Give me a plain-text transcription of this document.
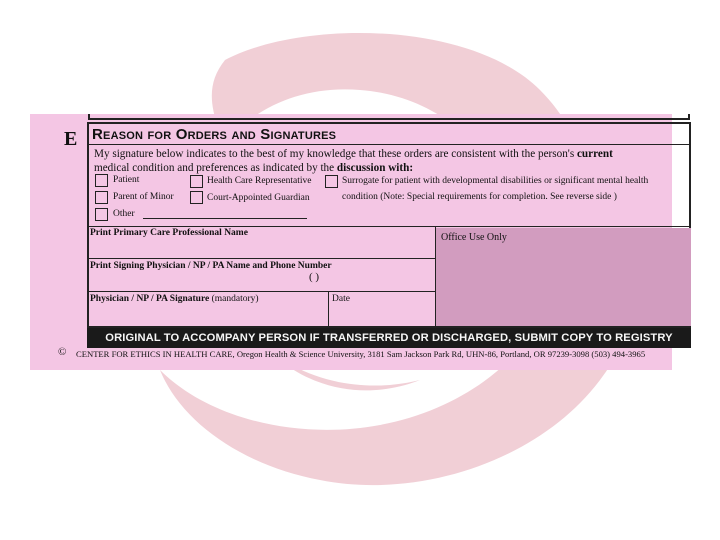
E Reason for Orders and Signatures
My signature below indicates to the best of my knowledge that these orders are consistent with the person's current
medical condition and preferences as indicated by the discussion with:
Patient
Parent of Minor
Other
Health Care Representative
Court-Appointed Guardian
Surrogate for patient with developmental disabilities or significant mental health
condition (Note: Special requirements for completion. See reverse side )
Office Use Only
Print Primary Care Professional Name
Print Signing Physician / NP / PA Name and Phone Number
( )
Physician / NP / PA Signature (mandatory)	Date
ORIGINAL TO ACCOMPANY PERSON IF TRANSFERRED OR DISCHARGED, SUBMIT COPY TO REGISTRY
©	CENTER FOR ETHICS IN HEALTH CARE, Oregon Health & Science University, 3181 Sam Jackson Park Rd, UHN-86, Portland, OR 97239-3098 (503) 494-3965
